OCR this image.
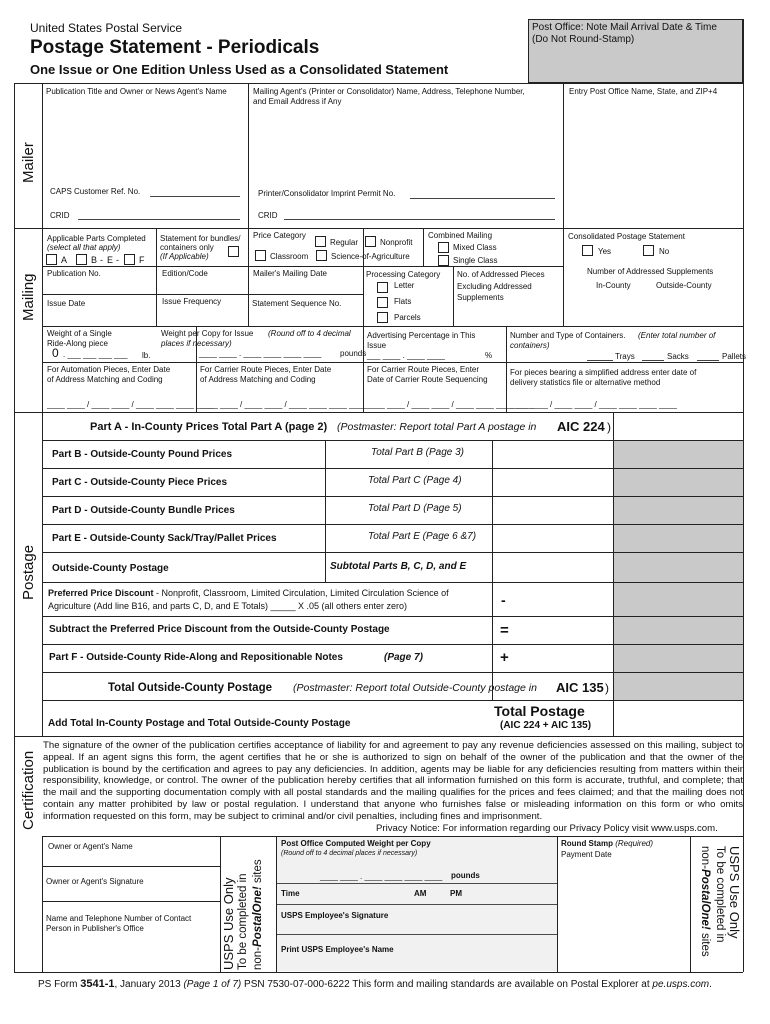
United States Postal Service
Postage Statement - Periodicals
One Issue or One Edition Unless Used as a Consolidated Statement
Post Office: Note Mail Arrival Date & Time
(Do Not Round-Stamp)
Mailer
Mailing
Postage
Certification
Publication Title and Owner or News Agent's Name	Mailing Agent's (Printer or Consolidator) Name, Address, Telephone Number,
and Email Address if Any
Entry Post Office Name, State, and ZIP+4
CAPS Customer Ref. No.	Printer/Consolidator Imprint Permit No.
CRID	CRID
Applicable Parts Completed
(select all that apply)
A	B - E - F
Statement for bundles/
containers only
(If Applicable)
Price Category
Regular	Nonprofit
Classroom	Science-of-Agriculture
Combined Mailing
Mixed Class
Single Class
Consolidated Postage Statement
Yes	No
Publication No.	Edition/Code	Mailer's Mailing Date	Processing Category
Letter
Flats
Parcels
No. of Addressed Pieces
Excluding Addressed
Supplements
Number of Addressed Supplements
In-County	Outside-County
Issue Date	Issue Frequency	Statement Sequence No.
Weight of a Single
Ride-Along piece
0 . ___ ___ ___ ___ lb.
Weight per Copy for Issue (Round off to 4 decimal
places if necessary)
____ ____ . ____ ____ ____ ____ pounds
Advertising Percentage in This
Issue
___ ____ . ____ ____	%
Number and Type of Containers. (Enter total number of
containers)
Trays	Sacks	Pallets
For Automation Pieces, Enter Date
of Address Matching and Coding
____ ____ / ____ ____ / ____ ____ ____ ____
For Carrier Route Pieces, Enter Date
of Address Matching and Coding
____ ____ / ____ ____ / ____ ____ ____ ____
For Carrier Route Pieces, Enter
Date of Carrier Route Sequencing
____ ____ / ____ ____ / ____ ____ ____ ____
For pieces bearing a simplified address enter date of
delivery statistics file or alternative method
____ ____ / ____ ____ / ____ ____ ____ ____
Part A - In-County Prices Total Part A (page 2) (Postmaster: Report total Part A postage in AIC 224 )
Part B - Outside-County Pound Prices	Total Part B (Page 3)
Part C - Outside-County Piece Prices	Total Part C (Page 4)
Part D - Outside-County Bundle Prices	Total Part D (Page 5)
Part E - Outside-County Sack/Tray/Pallet Prices	Total Part E (Page 6 &7)
Outside-County Postage	Subtotal Parts B, C, D, and E
Preferred Price Discount - Nonprofit, Classroom, Limited Circulation, Limited Circulation Science of
Agriculture (Add line B16, and parts C, D, and E Totals) _____ X .05 (all others enter zero)	-
Subtract the Preferred Price Discount from the Outside-County Postage	=
Part F - Outside-County Ride-Along and Repositionable Notes	(Page 7)	+
Total Outside-County Postage (Postmaster: Report total Outside-County postage in AIC 135 )
Add Total In-County Postage and Total Outside-County Postage
Total Postage
(AIC 224 + AIC 135)
The signature of the owner of the publication certifies acceptance of liability for and agreement to pay any revenue deficiencies assessed on this mailing, subject to appeal. If an agent signs this form, the agent certifies that he or she is authorized to sign on behalf of the owner of the publication and that the owner of the publication is bound by the certification and agrees to pay any deficiencies. In addition, agents may be liable for any deficiencies resulting from matters within their responsibility, knowledge, or control. The owner of the publication hereby certifies that all information furnished on this form is accurate, truthful, and complete; that the mail and the supporting documentation comply with all postal standards and the mailing qualifies for the prices and fees claimed; and that the mailing does not contain any matter prohibited by law or postal regulation. I understand that anyone who furnishes false or misleading information on this form or who omits information requested on this form, may be subject to criminal and/or civil penalties, including fines and imprisonment.
Privacy Notice: For information regarding our Privacy Policy visit www.usps.com.
Owner or Agent's Name
Owner or Agent's Signature
Name and Telephone Number of Contact
Person in Publisher's Office	USPS Use Only To be completed in non-PostalOne! sites
Post Office Computed Weight per Copy
(Round off to 4 decimal places if necessary)
____ ____ . ____ ____ ____ ____ pounds
Time	AM	PM
USPS Employee's Signature
Print USPS Employee's Name
Round Stamp (Required)
Payment Date	USPS Use Only
To be completed in
non-PostalOne! sites
PS Form 3541-1, January 2013 (Page 1 of 7) PSN 7530-07-000-6222 This form and mailing standards are available on Postal Explorer at pe.usps.com.
